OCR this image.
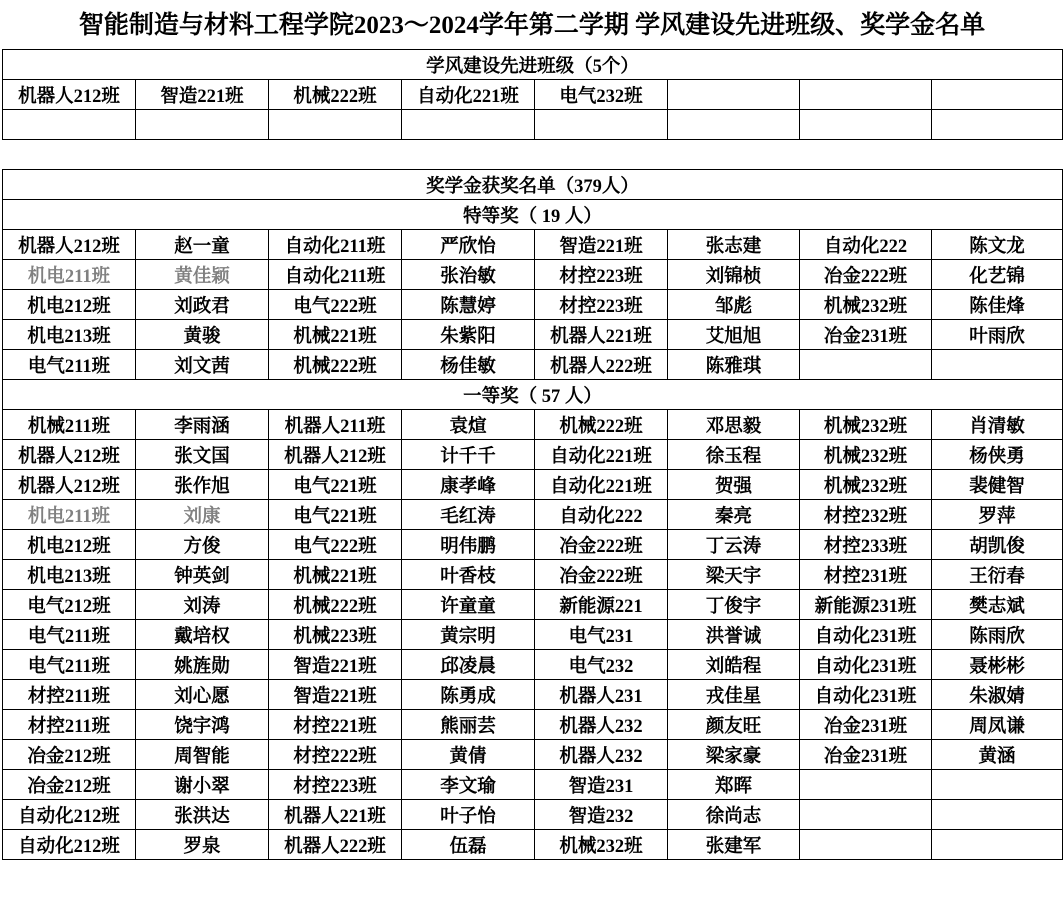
智能制造与材料工程学院2023～2024学年第二学期 学风建设先进班级、奖学金名单
学风建设先进班级（5个）							
机器人212班	智造221班	机械222班	自动化221班	电气232班			

奖学金获奖名单（379人）							
特等奖（ 19 人）							
机器人212班	赵一童	自动化211班	严欣怡	智造221班	张志建	自动化222	陈文龙
机电211班	黄佳颖	自动化211班	张治敏	材控223班	刘锦桢	冶金222班	化艺锦
机电212班	刘政君	电气222班	陈慧婷	材控223班	邹彪	机械232班	陈佳烽
机电213班	黄骏	机械221班	朱紫阳	机器人221班	艾旭旭	冶金231班	叶雨欣
电气211班	刘文茜	机械222班	杨佳敏	机器人222班	陈雅琪		
一等奖（ 57 人）							
机械211班	李雨涵	机器人211班	袁煊	机械222班	邓思毅	机械232班	肖清敏
机器人212班	张文国	机器人212班	计千千	自动化221班	徐玉程	机械232班	杨侠勇
机器人212班	张作旭	电气221班	康孝峰	自动化221班	贺强	机械232班	裴健智
机电211班	刘康	电气221班	毛红涛	自动化222	秦亮	材控232班	罗萍
机电212班	方俊	电气222班	明伟鹏	冶金222班	丁云涛	材控233班	胡凯俊
机电213班	钟英剑	机械221班	叶香枝	冶金222班	梁天宇	材控231班	王衍春
电气212班	刘涛	机械222班	许童童	新能源221	丁俊宇	新能源231班	樊志斌
电气211班	戴培权	机械223班	黄宗明	电气231	洪誉诚	自动化231班	陈雨欣
电气211班	姚旌勋	智造221班	邱凌晨	电气232	刘皓程	自动化231班	聂彬彬
材控211班	刘心愿	智造221班	陈勇成	机器人231	戎佳星	自动化231班	朱淑婧
材控211班	饶宇鸿	材控221班	熊丽芸	机器人232	颜友旺	冶金231班	周凤谦
冶金212班	周智能	材控222班	黄倩	机器人232	梁家豪	冶金231班	黄涵
冶金212班	谢小翠	材控223班	李文瑜	智造231	郑晖		
自动化212班	张洪达	机器人221班	叶子怡	智造232	徐尚志		
自动化212班	罗泉	机器人222班	伍磊	机械232班	张建军		
